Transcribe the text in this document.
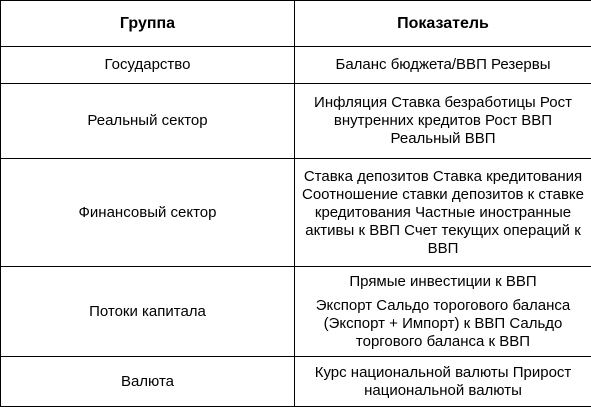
Группа	Показатель
Государство	Баланс бюджета/ВВП Резервы

Реальный сектор	Инфляция Ставка безработицы Рост внутренних кредитов Рост ВВП Реальный ВВП

Финансовый сектор	Ставка депозитов Ставка кредитования Соотношение ставки депозитов к ставке кредитования Частные иностранные активы к ВВП Счет текущих операций к ВВП

Потоки капитала	Прямые инвестиции к ВВП
Экспорт Сальдо торогового баланса (Экспорт + Импорт) к ВВП Сальдо торгового баланса к ВВП

Валюта	Курс национальной валюты Прирост национальной валюты
